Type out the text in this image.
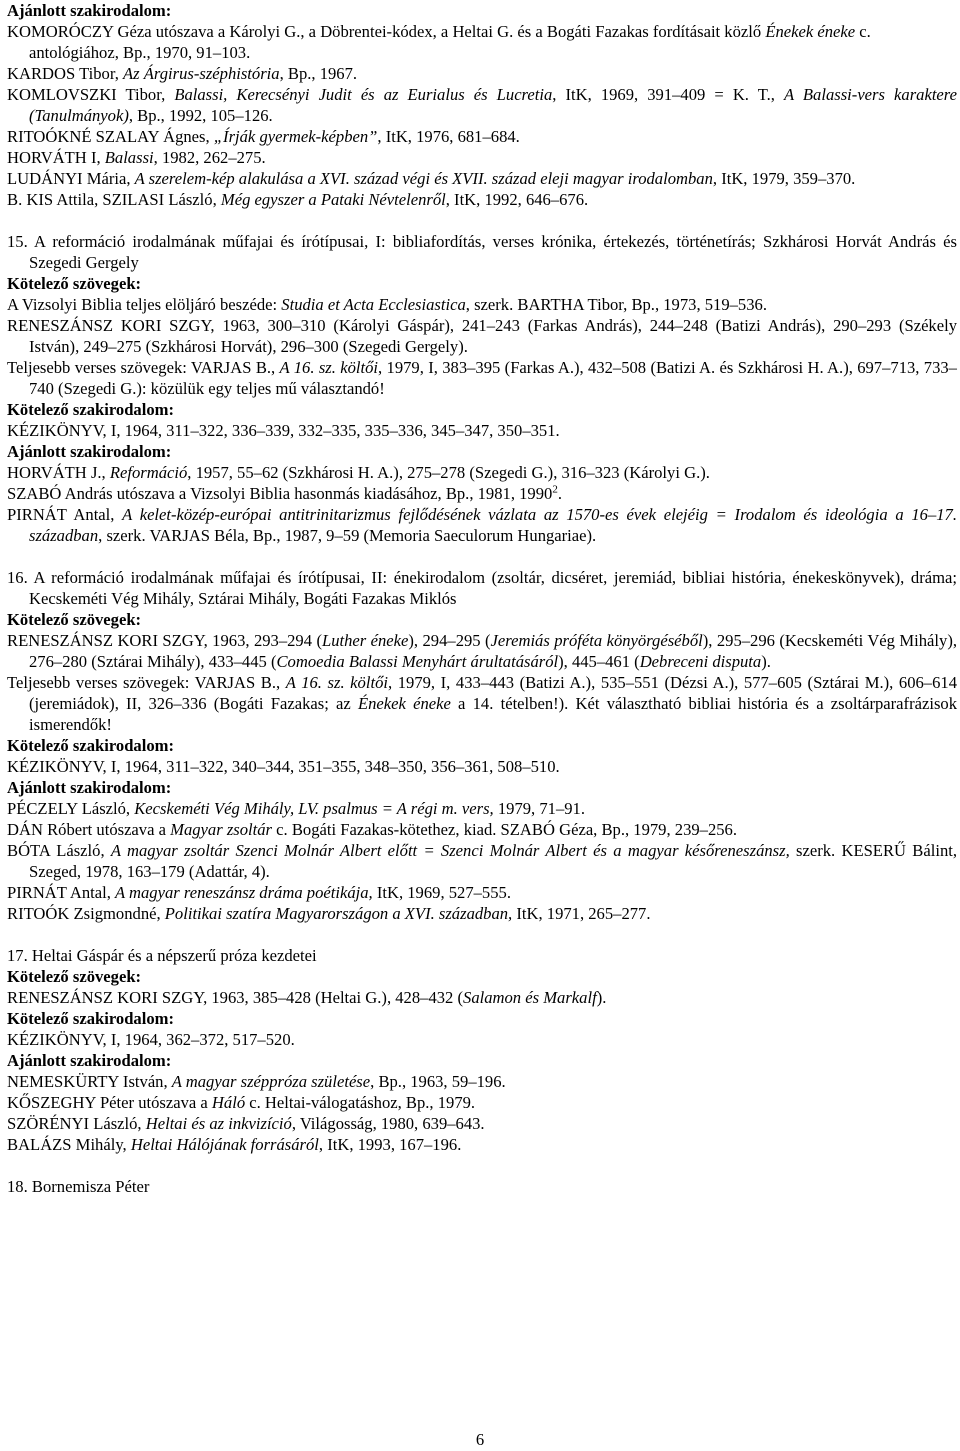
Ajánlott szakirodalom:
KOMORÓCZY Géza utószava a Károlyi G., a Döbrentei-kódex, a Heltai G. és a Bogáti Fazakas fordításait közlő Énekek éneke c. antológiához, Bp., 1970, 91–103.
KARDOS Tibor, Az Árgirus-széphistória, Bp., 1967.
KOMLOVSZKI Tibor, Balassi, Kerecsényi Judit és az Eurialus és Lucretia, ItK, 1969, 391–409 = K. T., A Balassi-vers karaktere (Tanulmányok), Bp., 1992, 105–126.
RITOÓKNÉ SZALAY Ágnes, „Írják gyermek-képben”, ItK, 1976, 681–684.
HORVÁTH I, Balassi, 1982, 262–275.
LUDÁNYI Mária, A szerelem-kép alakulása a XVI. század végi és XVII. század eleji magyar irodalomban, ItK, 1979, 359–370.
B. KIS Attila, SZILASI László, Még egyszer a Pataki Névtelenről, ItK, 1992, 646–676.
15. A reformáció irodalmának műfajai és írótípusai, I: bibliafordítás, verses krónika, értekezés, történetírás; Szkhárosi Horvát András és Szegedi Gergely
Kötelező szövegek:
A Vizsolyi Biblia teljes elöljáró beszéde: Studia et Acta Ecclesiastica, szerk. BARTHA Tibor, Bp., 1973, 519–536.
RENESZÁNSZ KORI SZGY, 1963, 300–310 (Károlyi Gáspár), 241–243 (Farkas András), 244–248 (Batizi András), 290–293 (Székely István), 249–275 (Szkhárosi Horvát), 296–300 (Szegedi Gergely).
Teljesebb verses szövegek: VARJAS B., A 16. sz. költői, 1979, I, 383–395 (Farkas A.), 432–508 (Batizi A. és Szkhárosi H. A.), 697–713, 733–740 (Szegedi G.): közülük egy teljes mű választandó!
Kötelező szakirodalom:
KÉZIKÖNYV, I, 1964, 311–322, 336–339, 332–335, 335–336, 345–347, 350–351.
Ajánlott szakirodalom:
HORVÁTH J., Reformáció, 1957, 55–62 (Szkhárosi H. A.), 275–278 (Szegedi G.), 316–323 (Károlyi G.).
SZABÓ András utószava a Vizsolyi Biblia hasonmás kiadásához, Bp., 1981, 1990$^2$.
PIRNÁT Antal, A kelet-közép-európai antitrinitarizmus fejlődésének vázlata az 1570-es évek elejéig = Irodalom és ideológia a 16–17. században, szerk. VARJAS Béla, Bp., 1987, 9–59 (Memoria Saeculorum Hungariae).
16. A reformáció irodalmának műfajai és írótípusai, II: énekirodalom (zsoltár, dicséret, jeremiád, bibliai história, énekeskönyvek), dráma; Kecskeméti Vég Mihály, Sztárai Mihály, Bogáti Fazakas Miklós
Kötelező szövegek:
RENESZÁNSZ KORI SZGY, 1963, 293–294 (Luther éneke), 294–295 (Jeremiás próféta könyörgéséből), 295–296 (Kecskeméti Vég Mihály), 276–280 (Sztárai Mihály), 433–445 (Comoedia Balassi Menyhárt árultatásáról), 445–461 (Debreceni disputa).
Teljesebb verses szövegek: VARJAS B., A 16. sz. költői, 1979, I, 433–443 (Batizi A.), 535–551 (Dézsi A.), 577–605 (Sztárai M.), 606–614 (jeremiádok), II, 326–336 (Bogáti Fazakas; az Énekek éneke a 14. tételben!). Két választható bibliai história és a zsoltárparafrázisok ismerendők!
Kötelező szakirodalom:
KÉZIKÖNYV, I, 1964, 311–322, 340–344, 351–355, 348–350, 356–361, 508–510.
Ajánlott szakirodalom:
PÉCZELY László, Kecskeméti Vég Mihály, LV. psalmus = A régi m. vers, 1979, 71–91.
DÁN Róbert utószava a Magyar zsoltár c. Bogáti Fazakas-kötethez, kiad. SZABÓ Géza, Bp., 1979, 239–256.
BÓTA László, A magyar zsoltár Szenci Molnár Albert előtt = Szenci Molnár Albert és a magyar későreneszánsz, szerk. KESERŰ Bálint, Szeged, 1978, 163–179 (Adattár, 4).
PIRNÁT Antal, A magyar reneszánsz dráma poétikája, ItK, 1969, 527–555.
RITOÓK Zsigmondné, Politikai szatíra Magyarországon a XVI. században, ItK, 1971, 265–277.
17. Heltai Gáspár és a népszerű próza kezdetei
Kötelező szövegek:
RENESZÁNSZ KORI SZGY, 1963, 385–428 (Heltai G.), 428–432 (Salamon és Markalf).
Kötelező szakirodalom:
KÉZIKÖNYV, I, 1964, 362–372, 517–520.
Ajánlott szakirodalom:
NEMESKÜRTY István, A magyar széppróza születése, Bp., 1963, 59–196.
KŐSZEGHY Péter utószava a Háló c. Heltai-válogatáshoz, Bp., 1979.
SZÖRÉNYI László, Heltai és az inkvizíció, Világosság, 1980, 639–643.
BALÁZS Mihály, Heltai Hálójának forrásáról, ItK, 1993, 167–196.
18. Bornemisza Péter
6
